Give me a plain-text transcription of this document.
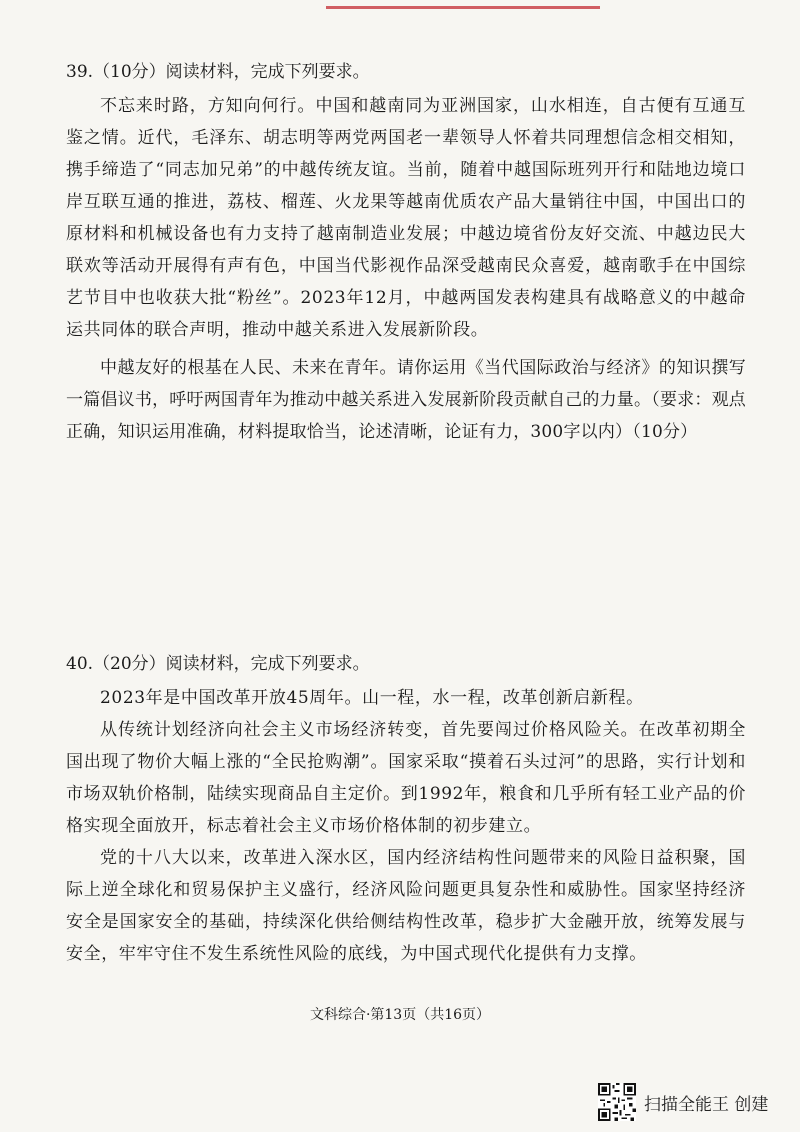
39.（10分）阅读材料，完成下列要求。

不忘来时路，方知向何行。中国和越南同为亚洲国家，山水相连，自古便有互通互鉴之情。近代，毛泽东、胡志明等两党两国老一辈领导人怀着共同理想信念相交相知，携手缔造了“同志加兄弟”的中越传统友谊。当前，随着中越国际班列开行和陆地边境口岸互联互通的推进，荔枝、榴莲、火龙果等越南优质农产品大量销往中国，中国出口的原材料和机械设备也有力支持了越南制造业发展；中越边境省份友好交流、中越边民大联欢等活动开展得有声有色，中国当代影视作品深受越南民众喜爱，越南歌手在中国综艺节目中也收获大批“粉丝”。2023年12月，中越两国发表构建具有战略意义的中越命运共同体的联合声明，推动中越关系进入发展新阶段。

中越友好的根基在人民、未来在青年。请你运用《当代国际政治与经济》的知识撰写一篇倡议书，呼吁两国青年为推动中越关系进入发展新阶段贡献自己的力量。（要求：观点正确，知识运用准确，材料提取恰当，论述清晰，论证有力，300字以内）（10分）

40.（20分）阅读材料，完成下列要求。

2023年是中国改革开放45周年。山一程，水一程，改革创新启新程。

从传统计划经济向社会主义市场经济转变，首先要闯过价格风险关。在改革初期全国出现了物价大幅上涨的“全民抢购潮”。国家采取“摸着石头过河”的思路，实行计划和市场双轨价格制，陆续实现商品自主定价。到1992年，粮食和几乎所有轻工业产品的价格实现全面放开，标志着社会主义市场价格体制的初步建立。

党的十八大以来，改革进入深水区，国内经济结构性问题带来的风险日益积聚，国际上逆全球化和贸易保护主义盛行，经济风险问题更具复杂性和威胁性。国家坚持经济安全是国家安全的基础，持续深化供给侧结构性改革，稳步扩大金融开放，统筹发展与安全，牢牢守住不发生系统性风险的底线，为中国式现代化提供有力支撑。

文科综合·第13页（共16页）
扫描全能王 创建
